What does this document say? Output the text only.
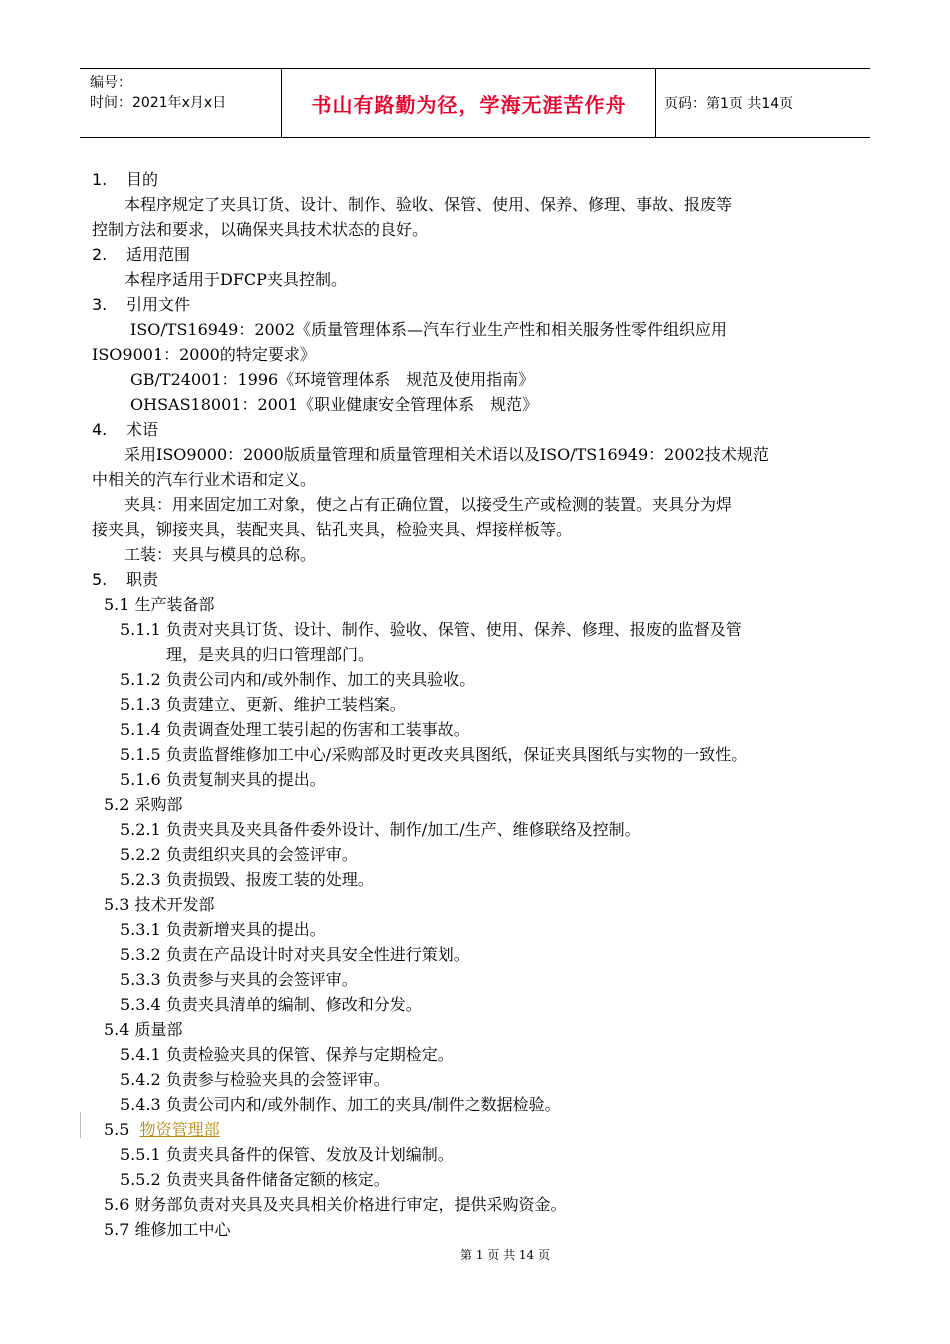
编号：
时间：2021年x月x日	书山有路勤为径，学海无涯苦作舟	页码：第1页 共14页
1. 目的
本程序规定了夹具订货、设计、制作、验收、保管、使用、保养、修理、事故、报废等
控制方法和要求，以确保夹具技术状态的良好。
2. 适用范围
本程序适用于DFCP夹具控制。
3. 引用文件
ISO/TS16949：2002《质量管理体系—汽车行业生产性和相关服务性零件组织应用
ISO9001：2000的特定要求》
GB/T24001：1996《环境管理体系　规范及使用指南》
OHSAS18001：2001《职业健康安全管理体系　规范》
4. 术语
采用ISO9000：2000版质量管理和质量管理相关术语以及ISO/TS16949：2002技术规范
中相关的汽车行业术语和定义。
夹具：用来固定加工对象，使之占有正确位置，以接受生产或检测的装置。夹具分为焊
接夹具，铆接夹具，装配夹具、钻孔夹具，检验夹具、焊接样板等。
工装：夹具与模具的总称。
5. 职责
5.1 生产装备部
5.1.1 负责对夹具订货、设计、制作、验收、保管、使用、保养、修理、报废的监督及管
理，是夹具的归口管理部门。
5.1.2 负责公司内和/或外制作、加工的夹具验收。
5.1.3 负责建立、更新、维护工装档案。
5.1.4 负责调查处理工装引起的伤害和工装事故。
5.1.5 负责监督维修加工中心/采购部及时更改夹具图纸，保证夹具图纸与实物的一致性。
5.1.6 负责复制夹具的提出。
5.2 采购部
5.2.1 负责夹具及夹具备件委外设计、制作/加工/生产、维修联络及控制。
5.2.2 负责组织夹具的会签评审。
5.2.3 负责损毁、报废工装的处理。
5.3 技术开发部
5.3.1 负责新增夹具的提出。
5.3.2 负责在产品设计时对夹具安全性进行策划。
5.3.3 负责参与夹具的会签评审。
5.3.4 负责夹具清单的编制、修改和分发。
5.4 质量部
5.4.1 负责检验夹具的保管、保养与定期检定。
5.4.2 负责参与检验夹具的会签评审。
5.4.3 负责公司内和/或外制作、加工的夹具/制件之数据检验。
5.5 物资管理部
5.5.1 负责夹具备件的保管、发放及计划编制。
5.5.2 负责夹具备件储备定额的核定。
5.6 财务部负责对夹具及夹具相关价格进行审定，提供采购资金。
5.7 维修加工中心
第 1 页 共 14 页
